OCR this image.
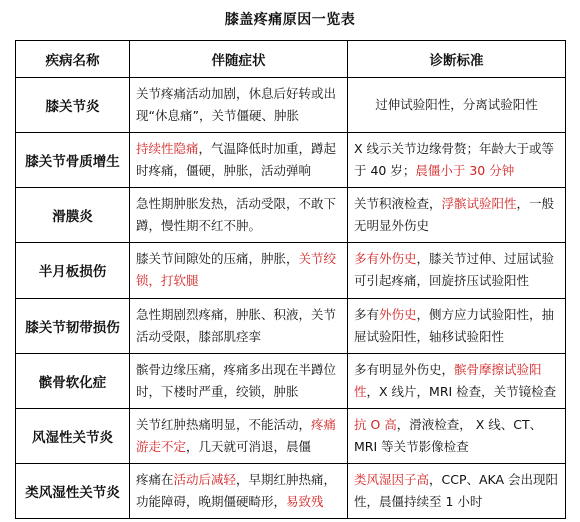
膝盖疼痛原因一览表
疾病名称	伴随症状	诊断标准
膝关节炎	关节疼痛活动加剧，休息后好转或出现“休息痛”，关节僵硬、肿胀	过伸试验阳性，分离试验阳性
膝关节骨质增生	持续性隐痛，气温降低时加重，蹲起时疼痛，僵硬，肿胀，活动弹响	X 线示关节边缘骨赘；年龄大于或等于 40 岁；晨僵小于 30 分钟
滑膜炎	急性期肿胀发热，活动受限，不敢下蹲，慢性期不红不肿。	关节积液检查，浮髌试验阳性，一般无明显外伤史
半月板损伤	膝关节间隙处的压痛，肿胀，关节绞锁，打软腿	多有外伤史，膝关节过伸、过屈试验可引起疼痛，回旋挤压试验阳性
膝关节韧带损伤	急性期剧烈疼痛，肿胀、积液，关节活动受限，膝部肌痉挛	多有外伤史，侧方应力试验阳性，抽屉试验阳性，轴移试验阳性
髌骨软化症	髌骨边缘压痛，疼痛多出现在半蹲位时，下楼时严重，绞锁，肿胀	多有明显外伤史，髌骨摩擦试验阳性，X 线片，MRI 检查，关节镜检查
风湿性关节炎	关节红肿热痛明显，不能活动，疼痛游走不定，几天就可消退，晨僵	抗 O 高，滑液检查， X 线、CT、MRI 等关节影像检查
类风湿性关节炎	疼痛在活动后减轻，早期红肿热痛，功能障碍，晚期僵硬畸形，易致残	类风湿因子高，CCP、AKA 会出现阳性，晨僵持续至 1 小时
